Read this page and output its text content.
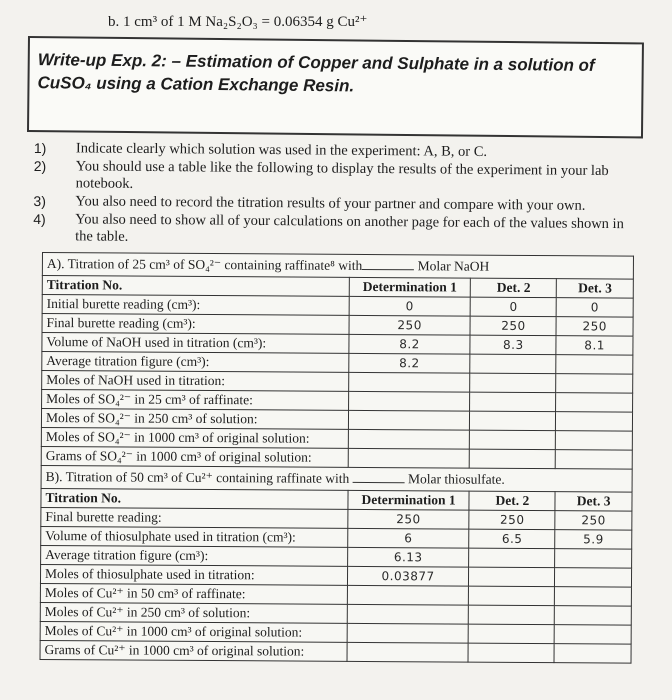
b. 1 cm³ of 1 M Na₂S₂O₃ = 0.06354 g Cu²⁺
Write-up Exp. 2: – Estimation of Copper and Sulphate in a solution of
CuSO₄ using a Cation Exchange Resin.
1)	Indicate clearly which solution was used in the experiment: A, B, or C.
2)	You should use a table like the following to display the results of the experiment in your lab notebook.
3)	You also need to record the titration results of your partner and compare with your own.
4)	You also need to show all of your calculations on another page for each of the values shown in the table.
A). Titration of 25 cm³ of SO₄²⁻ containing raffinate⁸ with Molar NaOH			
Titration No.	Determination 1	Det. 2	Det. 3
Initial burette reading (cm³):	0	0	0
Final burette reading (cm³):	250	250	250
Volume of NaOH used in titration (cm³):	8.2	8.3	8.1
Average titration figure (cm³):	8.2		
Moles of NaOH used in titration:			
Moles of SO₄²⁻ in 25 cm³ of raffinate:			
Moles of SO₄²⁻ in 250 cm³ of solution:			
Moles of SO₄²⁻ in 1000 cm³ of original solution:			
Grams of SO₄²⁻ in 1000 cm³ of original solution:			
B). Titration of 50 cm³ of Cu²⁺ containing raffinate with Molar thiosulfate.			
Titration No.	Determination 1	Det. 2	Det. 3
Final burette reading:	250	250	250
Volume of thiosulphate used in titration (cm³):	6	6.5	5.9
Average titration figure (cm³):	6.13		
Moles of thiosulphate used in titration:	0.03877		
Moles of Cu²⁺ in 50 cm³ of raffinate:			
Moles of Cu²⁺ in 250 cm³ of solution:			
Moles of Cu²⁺ in 1000 cm³ of original solution:			
Grams of Cu²⁺ in 1000 cm³ of original solution:			
